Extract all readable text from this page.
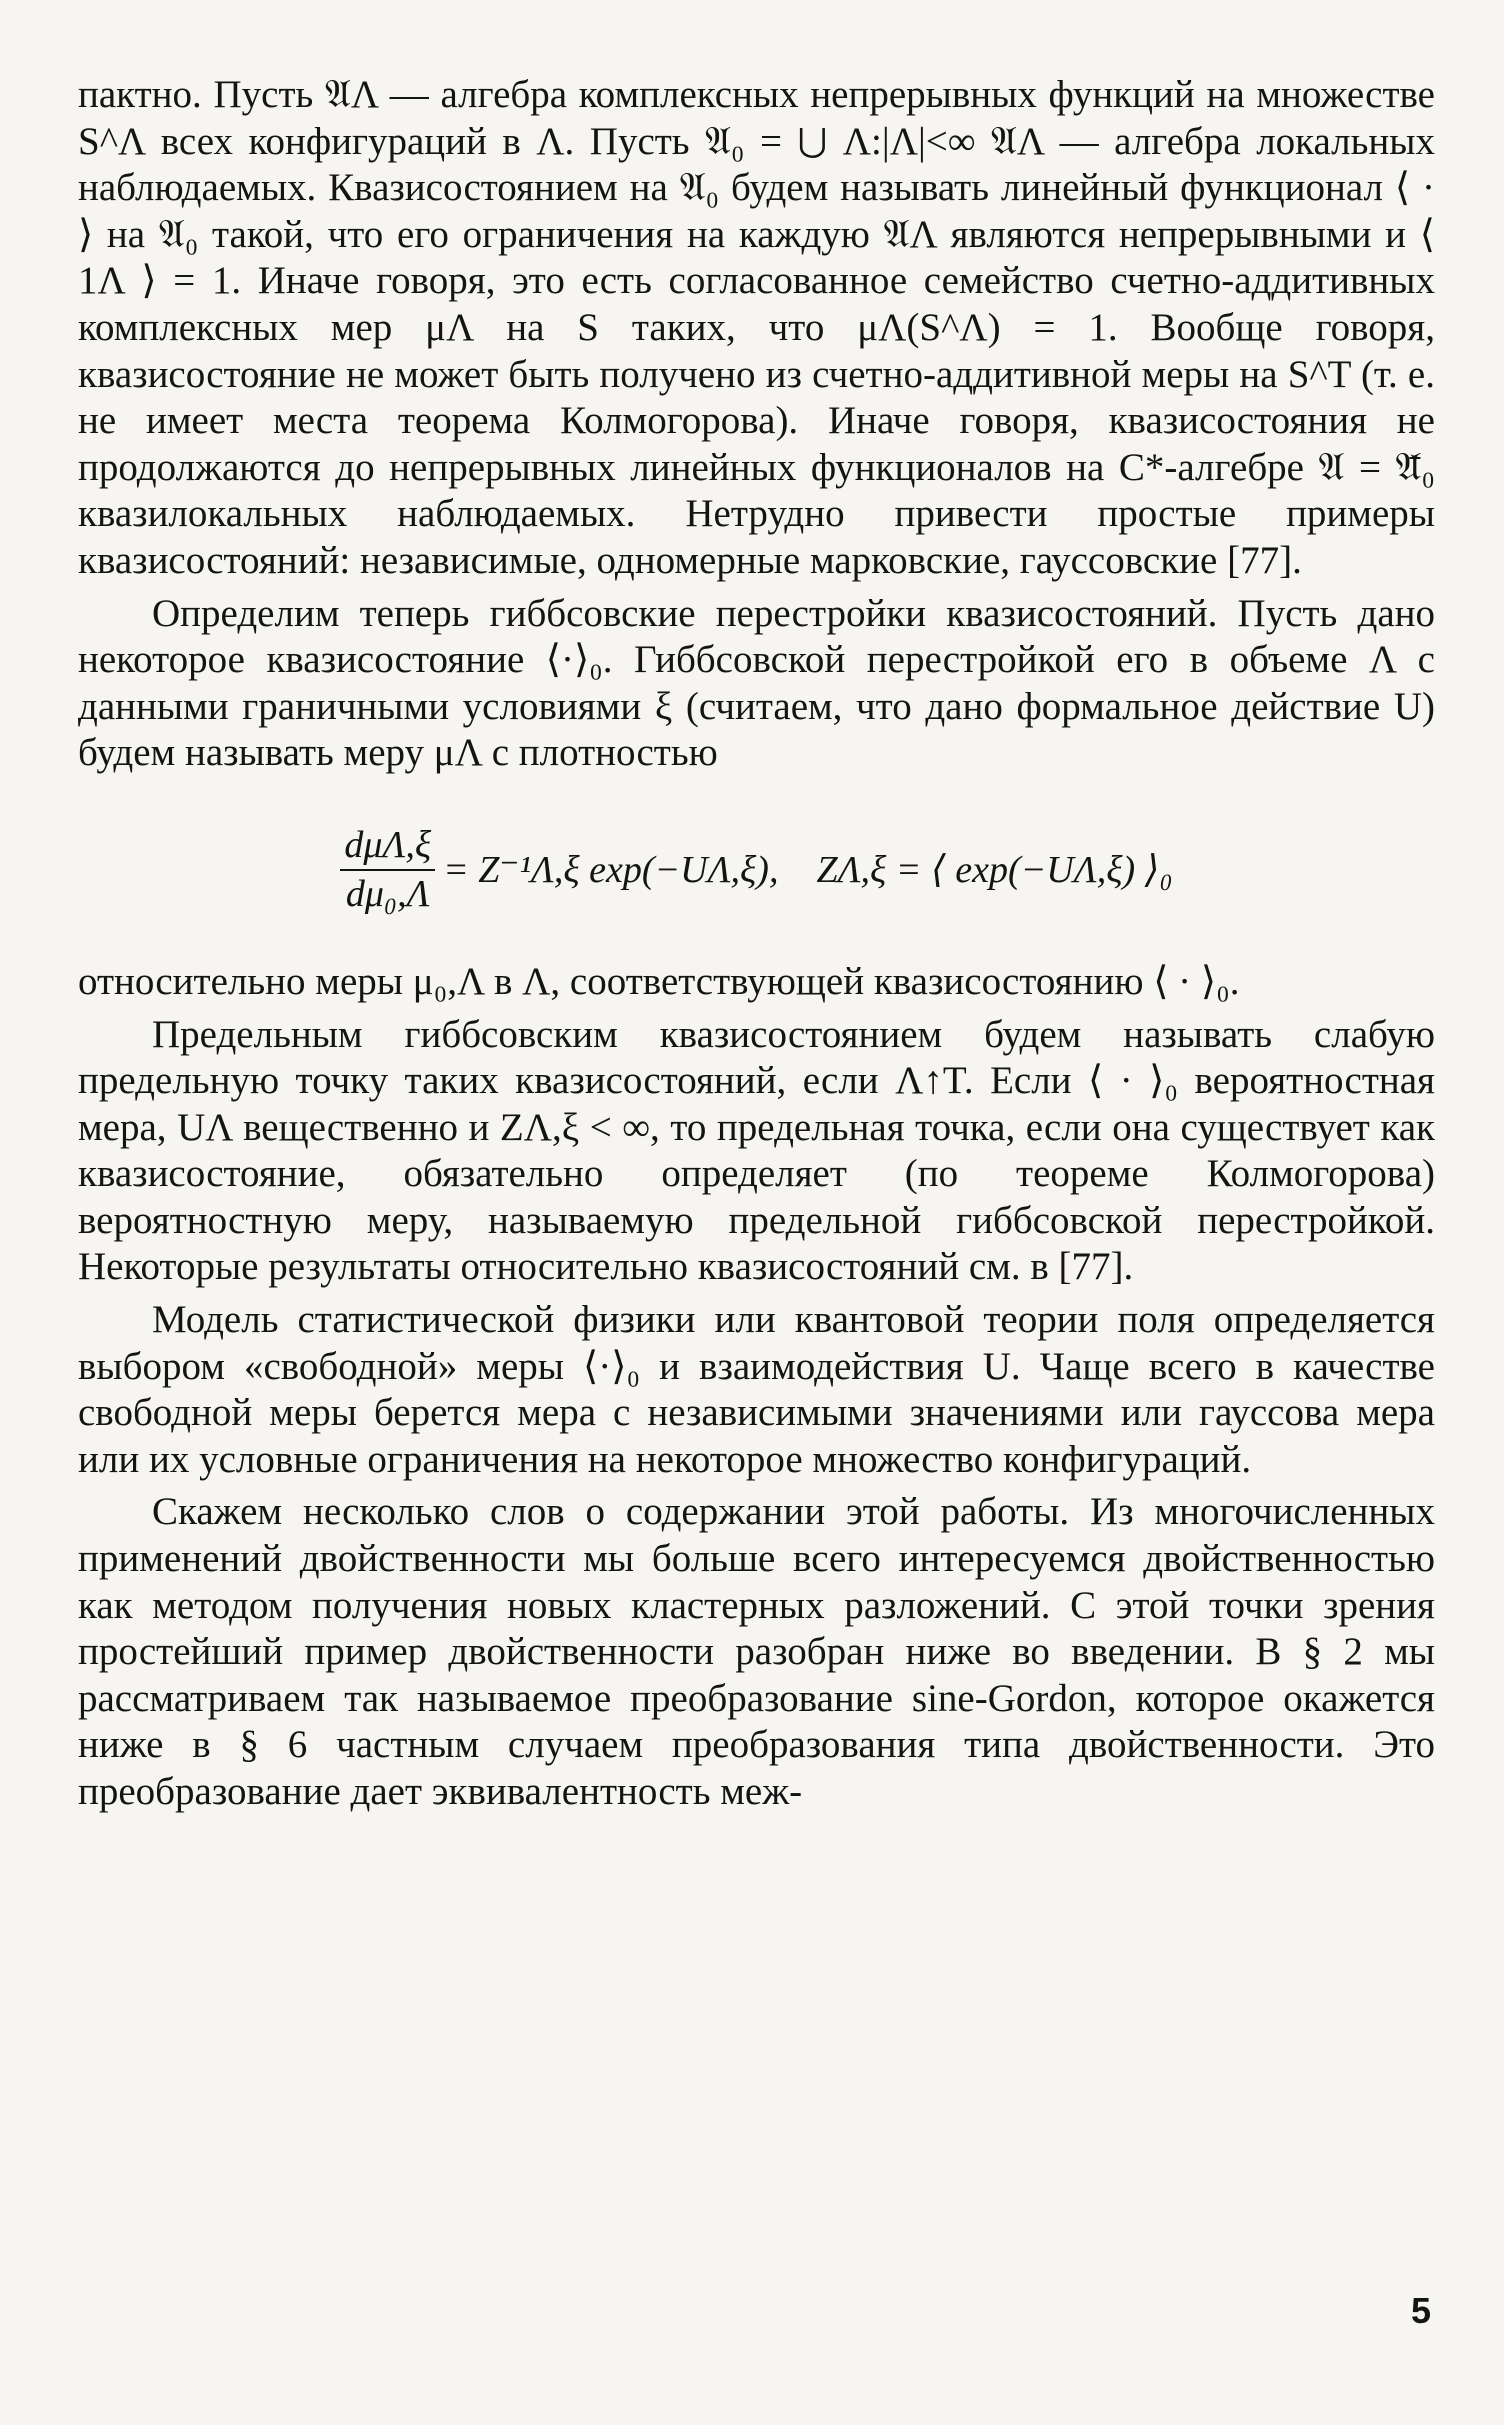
пактно. Пусть 𝔄Λ — алгебра комплексных непрерывных функций на множестве S^Λ всех конфигураций в Λ. Пусть 𝔄₀ = ⋃ Λ:|Λ|<∞ 𝔄Λ — алгебра локальных наблюдаемых. Квазисостоянием на 𝔄₀ будем называть линейный функционал ⟨ · ⟩ на 𝔄₀ такой, что его ограничения на каждую 𝔄Λ являются непрерывными и ⟨ 1Λ ⟩ = 1. Иначе говоря, это есть согласованное семейство счетно-аддитивных комплексных мер μΛ на S таких, что μΛ(S^Λ) = 1. Вообще говоря, квазисостояние не может быть получено из счетно-аддитивной меры на S^T (т. е. не имеет места теорема Колмогорова). Иначе говоря, квазисостояния не продолжаются до непрерывных линейных функционалов на C*-алгебре 𝔄 = 𝔄̄₀ квазилокальных наблюдаемых. Нетрудно привести простые примеры квазисостояний: независимые, одномерные марковские, гауссовские [77].

Определим теперь гиббсовские перестройки квазисостояний. Пусть дано некоторое квазисостояние ⟨·⟩₀. Гиббсовской перестройкой его в объеме Λ с данными граничными условиями ξ (считаем, что дано формальное действие U) будем называть меру μΛ с плотностью

$\frac{\text{dμΛ,ξ}}{\text{dμ₀,Λ}} = Z^{-1}\Lambda,\xi$ exp(−UΛ,ξ),    ZΛ,ξ = ⟨ exp(−UΛ,ξ) ⟩₀

относительно меры μ₀,Λ в Λ, соответствующей квазисостоянию ⟨ · ⟩₀.

Предельным гиббсовским квазисостоянием будем называть слабую предельную точку таких квазисостояний, если Λ↑T. Если ⟨ · ⟩₀ вероятностная мера, UΛ вещественно и ZΛ,ξ < ∞, то предельная точка, если она существует как квазисостояние, обязательно определяет (по теореме Колмогорова) вероятностную меру, называемую предельной гиббсовской перестройкой. Некоторые результаты относительно квазисостояний см. в [77].

Модель статистической физики или квантовой теории поля определяется выбором «свободной» меры ⟨·⟩₀ и взаимодействия U. Чаще всего в качестве свободной меры берется мера с независимыми значениями или гауссова мера или их условные ограничения на некоторое множество конфигураций.

Скажем несколько слов о содержании этой работы. Из многочисленных применений двойственности мы больше всего интересуемся двойственностью как методом получения новых кластерных разложений. С этой точки зрения простейший пример двойственности разобран ниже во введении. В § 2 мы рассматриваем так называемое преобразование sine-Gordon, которое окажется ниже в § 6 частным случаем преобразования типа двойственности. Это преобразование дает эквивалентность меж-

5
